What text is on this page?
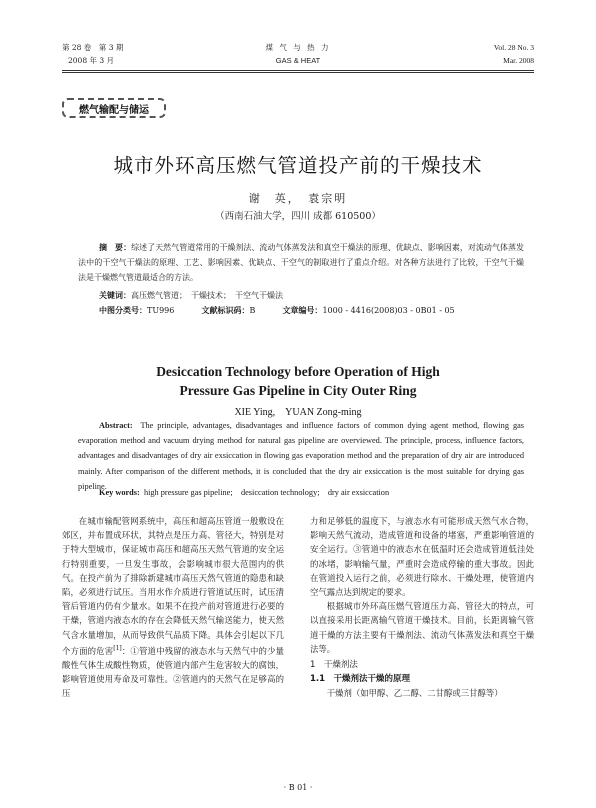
第 28 卷　第 3 期
2008 年 3 月
煤 气 与 热 力
GAS & HEAT
Vol. 28 No. 3
Mar. 2008
燃气输配与储运
城市外环高压燃气管道投产前的干燥技术
谢　英，　袁宗明
（西南石油大学，四川 成都 610500）
摘　要：综述了天然气管道常用的干燥剂法、流动气体蒸发法和真空干燥法的原理、优缺点、影响因素，对流动气体蒸发法中的干空气干燥法的原理、工艺、影响因素、优缺点、干空气的制取进行了重点介绍。对各种方法进行了比较，干空气干燥法是干燥燃气管道最适合的方法。
关键词：高压燃气管道；　干燥技术；　干空气干燥法
中图分类号：TU996	文献标识码：B	文章编号：1000 - 4416(2008)03 - 0B01 - 05
Desiccation Technology before Operation of High Pressure Gas Pipeline in City Outer Ring
XIE Ying,　YUAN Zong-ming
Abstract: The principle, advantages, disadvantages and influence factors of common dying agent method, flowing gas evaporation method and vacuum drying method for natural gas pipeline are overviewed. The principle, process, influence factors, advantages and disadvantages of dry air exsiccation in flowing gas evaporation method and the preparation of dry air are introduced mainly. After comparison of the different methods, it is concluded that the dry air exsiccation is the most suitable for drying gas pipeline.
Key words: high pressure gas pipeline;　desiccation technology;　dry air exsiccation

在城市输配管网系统中，高压和超高压管道一般敷设在郊区，并布置成环状，其特点是压力高、管径大，特别是对于特大型城市，保证城市高压和超高压天然气管道的安全运行特别重要，一旦发生事故，会影响城市很大范围内的供气。在投产前为了排除新建城市高压天然气管道的隐患和缺陷，必须进行试压。当用水作介质进行管道试压时，试压清管后管道内仍有少量水。如果不在投产前对管道进行必要的干燥，管道内液态水的存在会降低天然气输送能力，使天然气含水量增加，从而导致供气品质下降。具体会引起以下几个方面的危害[1]：①管道中残留的液态水与天然气中的少量酸性气体生成酸性物质，使管道内部产生危害较大的腐蚀，影响管道使用寿命及可靠性。②管道内的天然气在足够高的压

力和足够低的温度下，与液态水有可能形成天然气水合物，影响天然气流动，造成管道和设备的堵塞，严重影响管道的安全运行。③管道中的液态水在低温时还会造成管道低洼处的冰堵，影响输气量，严重时会造成停输的重大事故。因此在管道投入运行之前，必须进行除水、干燥处理，使管道内空气露点达到规定的要求。

根据城市外环高压燃气管道压力高、管径大的特点，可以直接采用长距离输气管道干燥技术。目前，长距离输气管道干燥的方法主要有干燥剂法、流动气体蒸发法和真空干燥法等。

1　干燥剂法
1.1　干燥剂法干燥的原理

干燥剂（如甲醇、乙二醇、二甘醇或三甘醇等）

· B 01 ·
